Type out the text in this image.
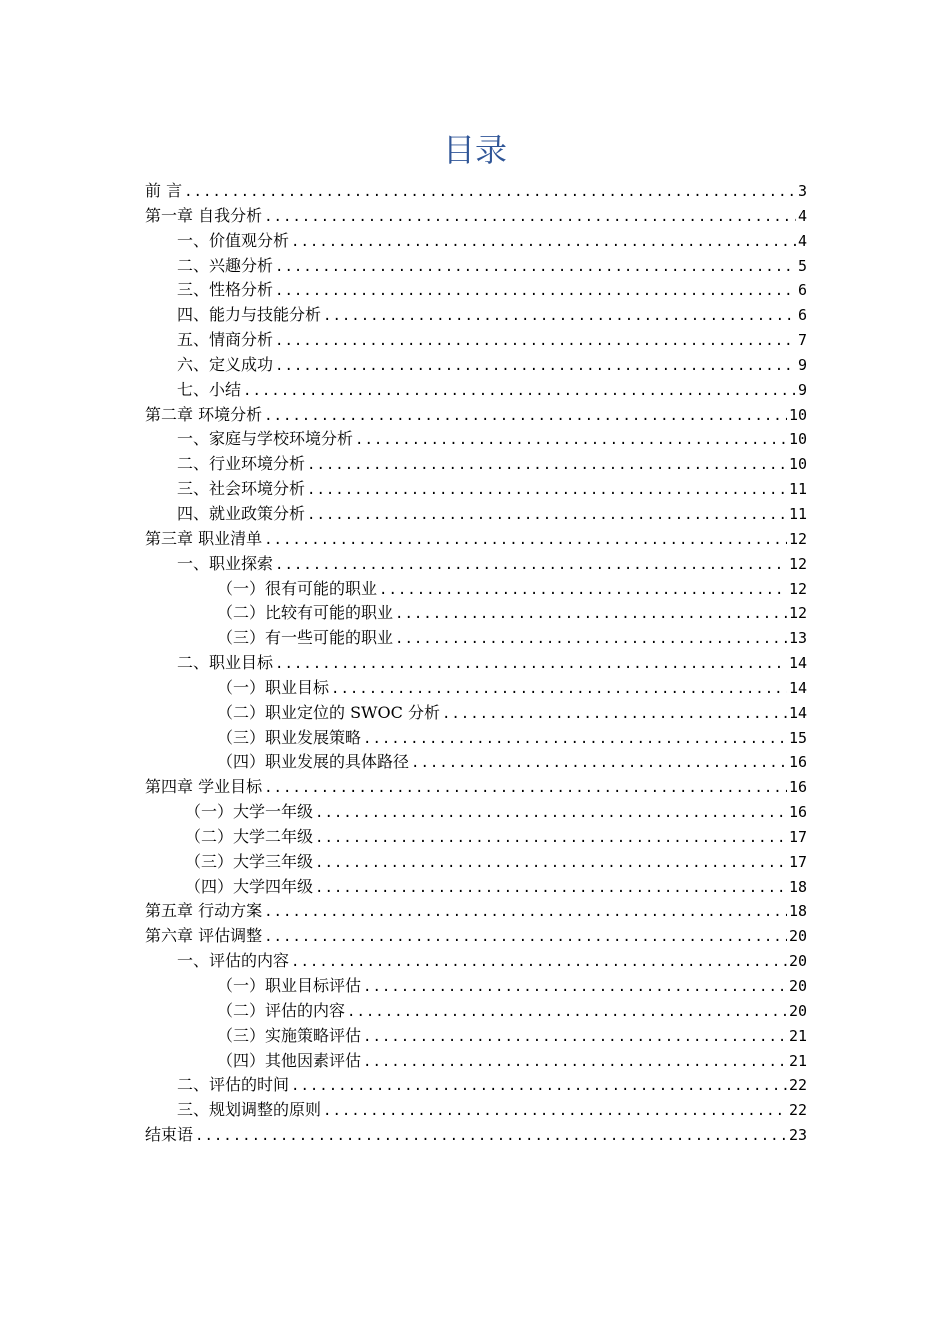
目录
前 言 .....	3
第一章 自我分析 .....	4
一、价值观分析 .....	4
二、兴趣分析 .....	5
三、性格分析 .....	6
四、能力与技能分析 .....	6
五、情商分析 .....	7
六、定义成功 .....	9
七、小结 .....	9
第二章 环境分析 .....	10
一、家庭与学校环境分析 .....	10
二、行业环境分析 .....	10
三、社会环境分析 .....	11
四、就业政策分析 .....	11
第三章 职业清单 .....	12
一、职业探索 .....	12
（一）很有可能的职业 .....	12
（二）比较有可能的职业 .....	12
（三）有一些可能的职业 .....	13
二、职业目标 .....	14
（一）职业目标 .....	14
（二）职业定位的 SWOC 分析 .....	14
（三）职业发展策略 .....	15
（四）职业发展的具体路径 .....	16
第四章 学业目标 .....	16
（一）大学一年级 .....	16
（二）大学二年级 .....	17
（三）大学三年级 .....	17
（四）大学四年级 .....	18
第五章 行动方案 .....	18
第六章 评估调整 .....	20
一、评估的内容 .....	20
（一）职业目标评估 .....	20
（二）评估的内容 .....	20
（三）实施策略评估 .....	21
（四）其他因素评估 .....	21
二、评估的时间 .....	22
三、规划调整的原则 .....	22
结束语 .....	23
